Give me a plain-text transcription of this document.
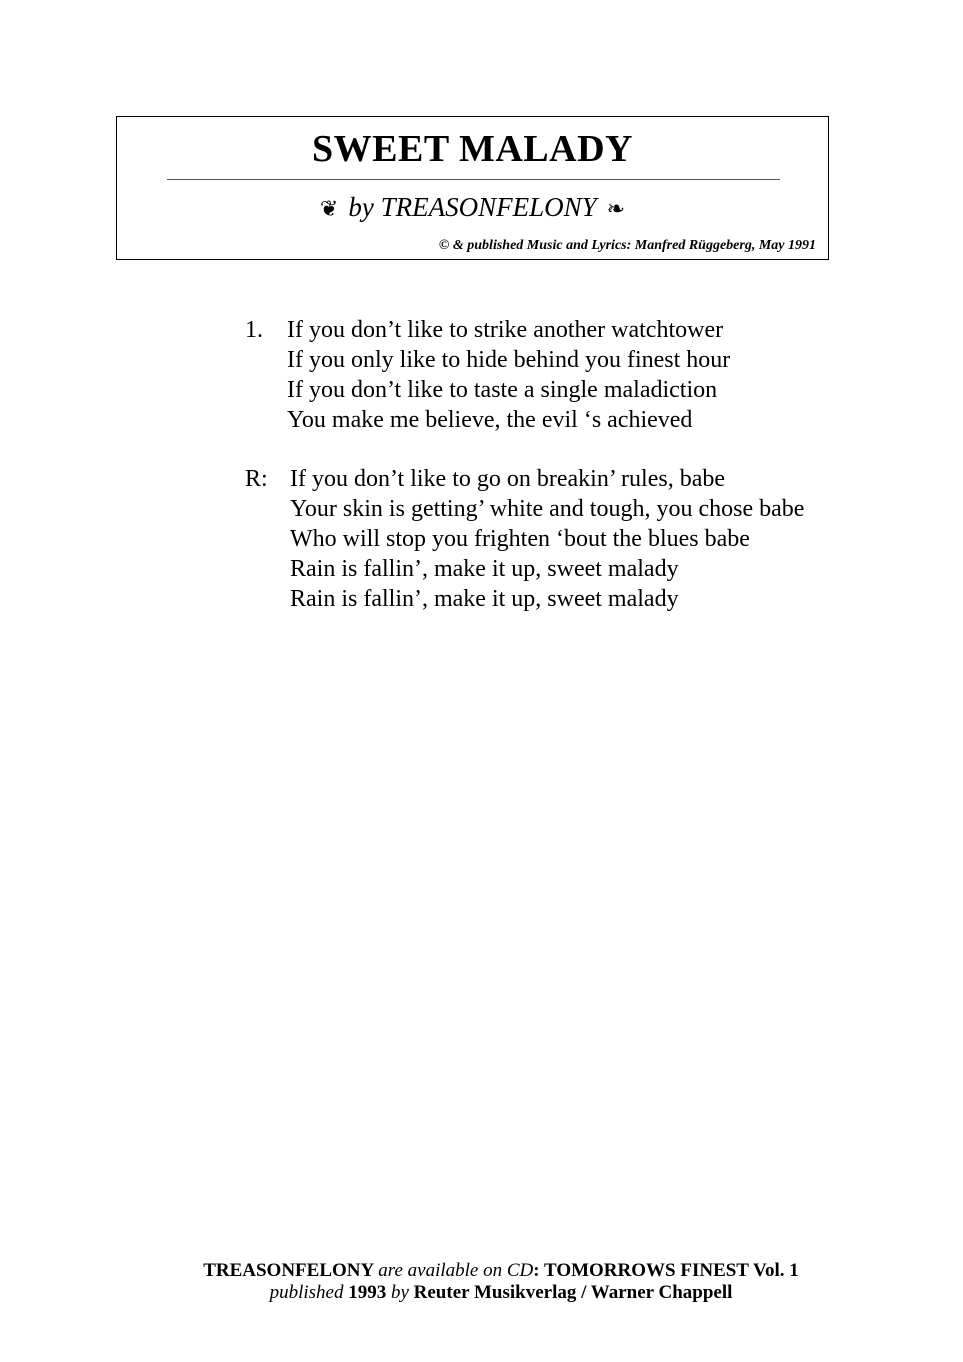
SWEET MALADY
❦ by TREASONFELONY ❧
© & published Music and Lyrics: Manfred Rüggeberg, May 1991
1. If you don’t like to strike another watchtower
If you only like to hide behind you finest hour
If you don’t like to taste a single maladiction
You make me believe, the evil ‘s achieved
R: If you don’t like to go on breakin’ rules, babe
Your skin is getting’ white and tough, you chose babe
Who will stop you frighten ‘bout the blues babe
Rain is fallin’, make it up, sweet malady
Rain is fallin’, make it up, sweet malady
TREASONFELONY are available on CD: TOMORROWS FINEST Vol. 1
published 1993 by Reuter Musikverlag / Warner Chappell
